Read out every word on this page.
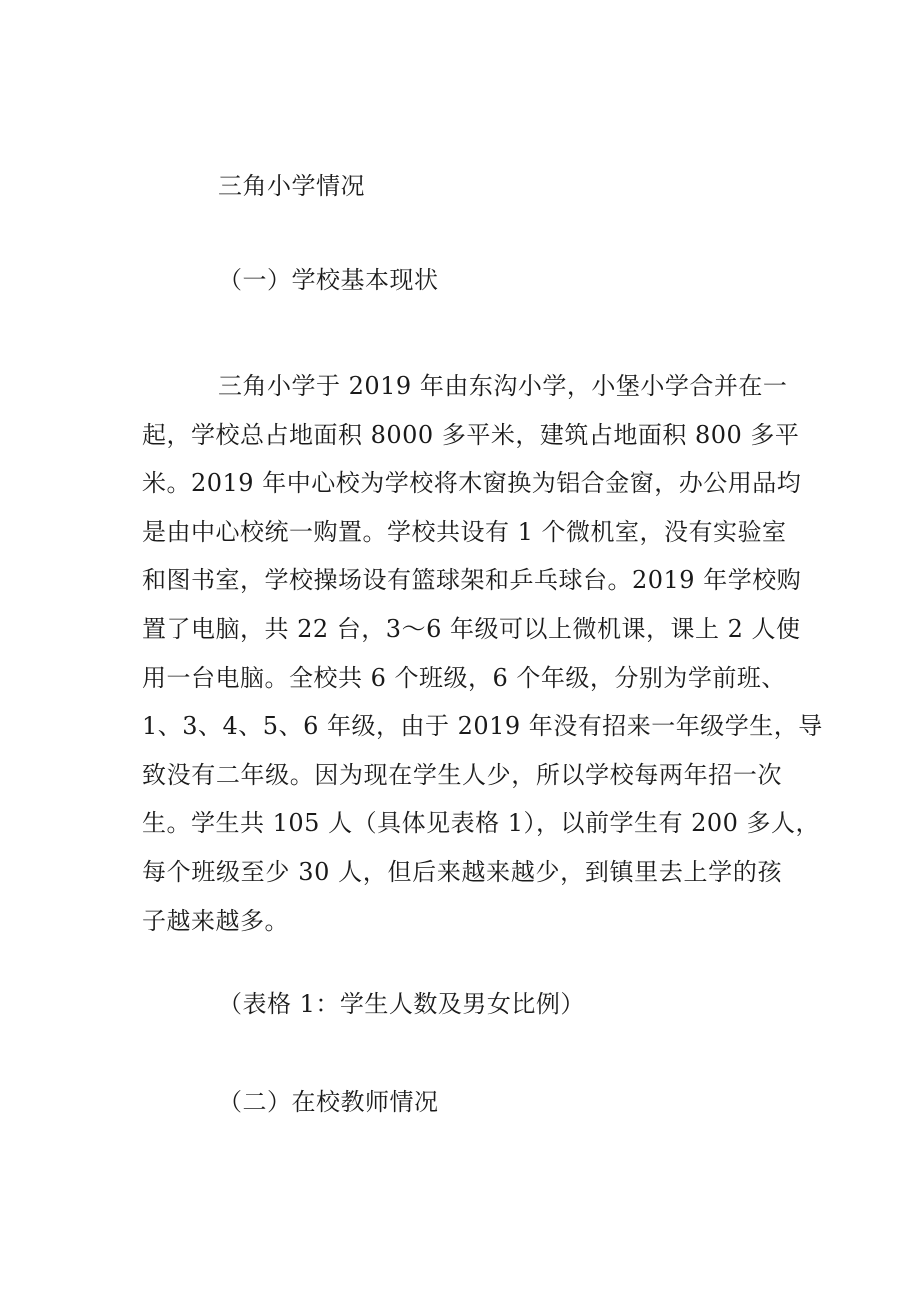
三角小学情况
（一）学校基本现状
三角小学于 2019 年由东沟小学，小堡小学合并在一
起，学校总占地面积 8000 多平米，建筑占地面积 800 多平
米。2019 年中心校为学校将木窗换为铝合金窗，办公用品均
是由中心校统一购置。学校共设有 1 个微机室，没有实验室
和图书室，学校操场设有篮球架和乒乓球台。2019 年学校购
置了电脑，共 22 台，3～6 年级可以上微机课，课上 2 人使
用一台电脑。全校共 6 个班级，6 个年级，分别为学前班、
1、3、4、5、6 年级，由于 2019 年没有招来一年级学生，导
致没有二年级。因为现在学生人少，所以学校每两年招一次
生。学生共 105 人（具体见表格 1），以前学生有 200 多人，
每个班级至少 30 人，但后来越来越少，到镇里去上学的孩
子越来越多。
（表格 1：学生人数及男女比例）
（二）在校教师情况
